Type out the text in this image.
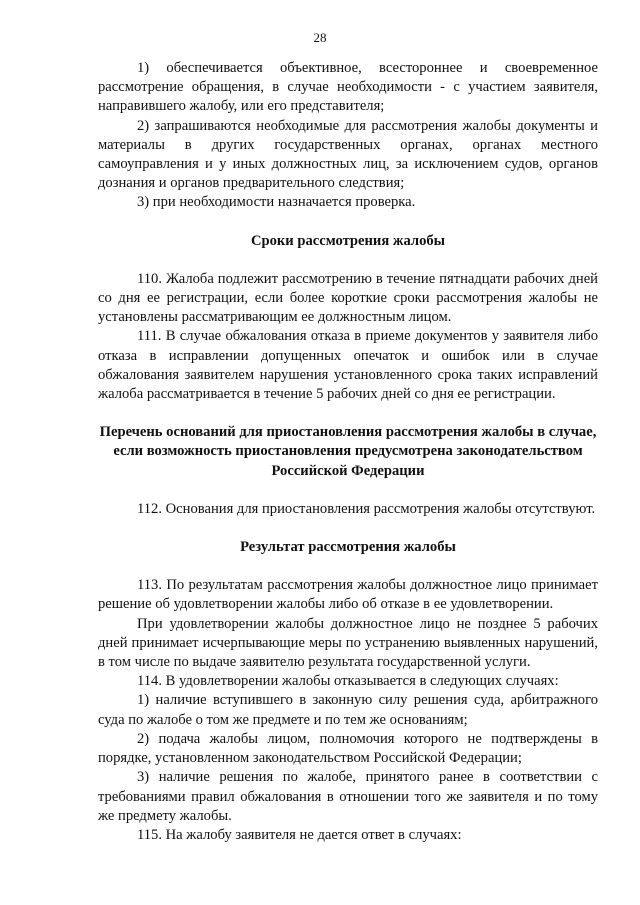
28

1) обеспечивается объективное, всестороннее и своевременное рассмотрение обращения, в случае необходимости - с участием заявителя, направившего жалобу, или его представителя;

2) запрашиваются необходимые для рассмотрения жалобы документы и материалы в других государственных органах, органах местного самоуправления и у иных должностных лиц, за исключением судов, органов дознания и органов предварительного следствия;

3) при необходимости назначается проверка.

Сроки рассмотрения жалобы

110. Жалоба подлежит рассмотрению в течение пятнадцати рабочих дней со дня ее регистрации, если более короткие сроки рассмотрения жалобы не установлены рассматривающим ее должностным лицом.

111. В случае обжалования отказа в приеме документов у заявителя либо отказа в исправлении допущенных опечаток и ошибок или в случае обжалования заявителем нарушения установленного срока таких исправлений жалоба рассматривается в течение 5 рабочих дней со дня ее регистрации.

Перечень оснований для приостановления рассмотрения жалобы в случае, если возможность приостановления предусмотрена законодательством Российской Федерации

112. Основания для приостановления рассмотрения жалобы отсутствуют.

Результат рассмотрения жалобы

113. По результатам рассмотрения жалобы должностное лицо принимает решение об удовлетворении жалобы либо об отказе в ее удовлетворении.

При удовлетворении жалобы должностное лицо не позднее 5 рабочих дней принимает исчерпывающие меры по устранению выявленных нарушений, в том числе по выдаче заявителю результата государственной услуги.

114. В удовлетворении жалобы отказывается в следующих случаях:

1) наличие вступившего в законную силу решения суда, арбитражного суда по жалобе о том же предмете и по тем же основаниям;

2) подача жалобы лицом, полномочия которого не подтверждены в порядке, установленном законодательством Российской Федерации;

3) наличие решения по жалобе, принятого ранее в соответствии с требованиями правил обжалования в отношении того же заявителя и по тому же предмету жалобы.

115. На жалобу заявителя не дается ответ в случаях:
